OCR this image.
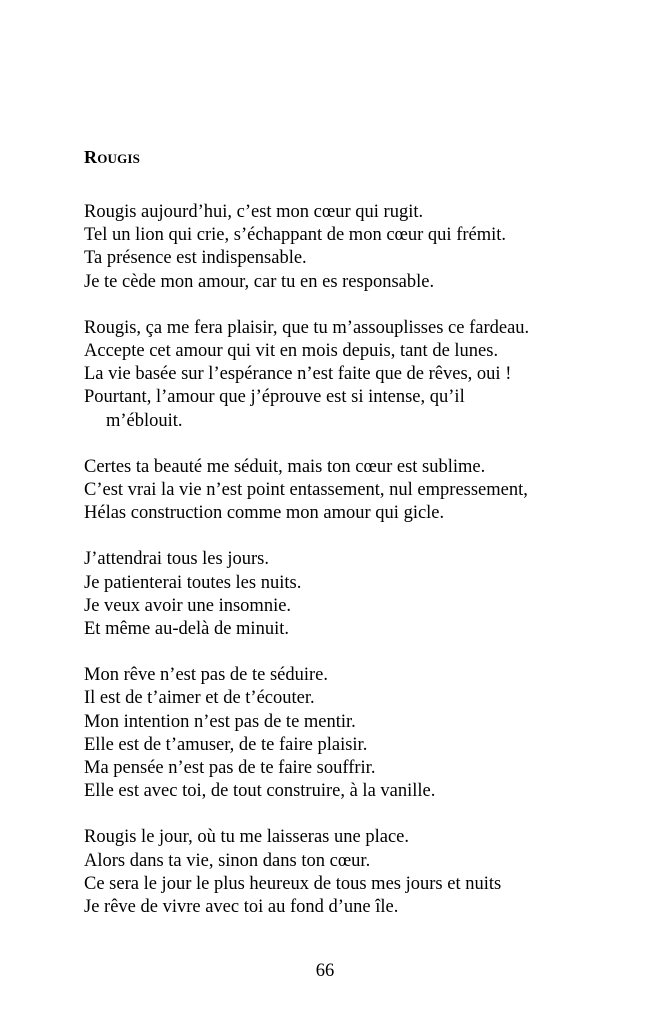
Rougis
Rougis aujourd’hui, c’est mon cœur qui rugit.
Tel un lion qui crie, s’échappant de mon cœur qui frémit.
Ta présence est indispensable.
Je te cède mon amour, car tu en es responsable.
Rougis, ça me fera plaisir, que tu m’assouplisses ce fardeau.
Accepte cet amour qui vit en mois depuis, tant de lunes.
La vie basée sur l’espérance n’est faite que de rêves, oui !
Pourtant, l’amour que j’éprouve est si intense, qu’il
m’éblouit.
Certes ta beauté me séduit, mais ton cœur est sublime.
C’est vrai la vie n’est point entassement, nul empressement,
Hélas construction comme mon amour qui gicle.
J’attendrai tous les jours.
Je patienterai toutes les nuits.
Je veux avoir une insomnie.
Et même au-delà de minuit.
Mon rêve n’est pas de te séduire.
Il est de t’aimer et de t’écouter.
Mon intention n’est pas de te mentir.
Elle est de t’amuser, de te faire plaisir.
Ma pensée n’est pas de te faire souffrir.
Elle est avec toi, de tout construire, à la vanille.
Rougis le jour, où tu me laisseras une place.
Alors dans ta vie, sinon dans ton cœur.
Ce sera le jour le plus heureux de tous mes jours et nuits
Je rêve de vivre avec toi au fond d’une île.
66
